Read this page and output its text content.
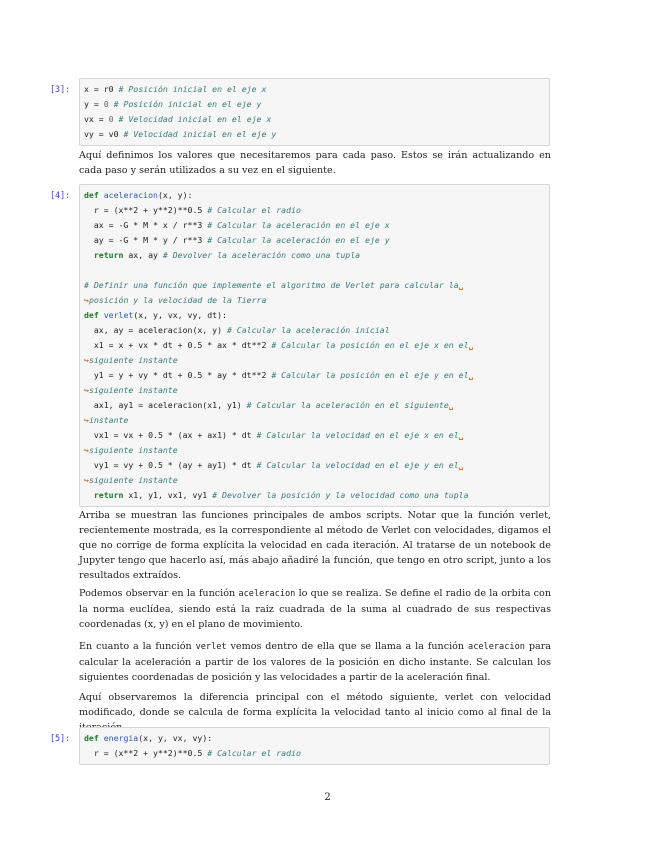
[3]:	x = r0 # Posición inicial en el eje x
y = 0 # Posición inicial en el eje y
vx = 0 # Velocidad inicial en el eje x
vy = v0 # Velocidad inicial en el eje y

Aquí definimos los valores que necesitaremos para cada paso. Estos se irán actualizando en cada paso y serán utilizados a su vez en el siguiente.

[4]:	def aceleracion(x, y):
r = (x**2 + y**2)**0.5 # Calcular el radio
ax = -G * M * x / r**3 # Calcular la aceleración en el eje x
ay = -G * M * y / r**3 # Calcular la aceleración en el eje y
return ax, ay # Devolver la aceleración como una tupla
# Definir una función que implemente el algoritmo de Verlet para calcular la␣
↪posición y la velocidad de la Tierra
def verlet(x, y, vx, vy, dt):
ax, ay = aceleracion(x, y) # Calcular la aceleración inicial
x1 = x + vx * dt + 0.5 * ax * dt**2 # Calcular la posición en el eje x en el␣
↪siguiente instante
y1 = y + vy * dt + 0.5 * ay * dt**2 # Calcular la posición en el eje y en el␣
↪siguiente instante
ax1, ay1 = aceleracion(x1, y1) # Calcular la aceleración en el siguiente␣
↪instante
vx1 = vx + 0.5 * (ax + ax1) * dt # Calcular la velocidad en el eje x en el␣
↪siguiente instante
vy1 = vy + 0.5 * (ay + ay1) * dt # Calcular la velocidad en el eje y en el␣
↪siguiente instante
return x1, y1, vx1, vy1 # Devolver la posición y la velocidad como una tupla

Arriba se muestran las funciones principales de ambos scripts. Notar que la función verlet, recientemente mostrada, es la correspondiente al método de Verlet con velocidades, digamos el que no corrige de forma explícita la velocidad en cada iteración. Al tratarse de un notebook de Jupyter tengo que hacerlo así, más abajo añadiré la función, que tengo en otro script, junto a los resultados extraídos.

Podemos observar en la función aceleracion lo que se realiza. Se define el radio de la orbita con la norma euclídea, siendo está la raiz cuadrada de la suma al cuadrado de sus respectivas coordenadas (x, y) en el plano de movimiento.

En cuanto a la función verlet vemos dentro de ella que se llama a la función aceleracion para calcular la aceleración a partir de los valores de la posición en dicho instante. Se calculan los siguientes coordenadas de posición y las velocidades a partir de la aceleración final.

Aquí observaremos la diferencia principal con el método siguiente, verlet con velocidad modificado, donde se calcula de forma explícita la velocidad tanto al inicio como al final de la

[5]:	def energia(x, y, vx, vy):
r = (x**2 + y**2)**0.5 # Calcular el radio
2
